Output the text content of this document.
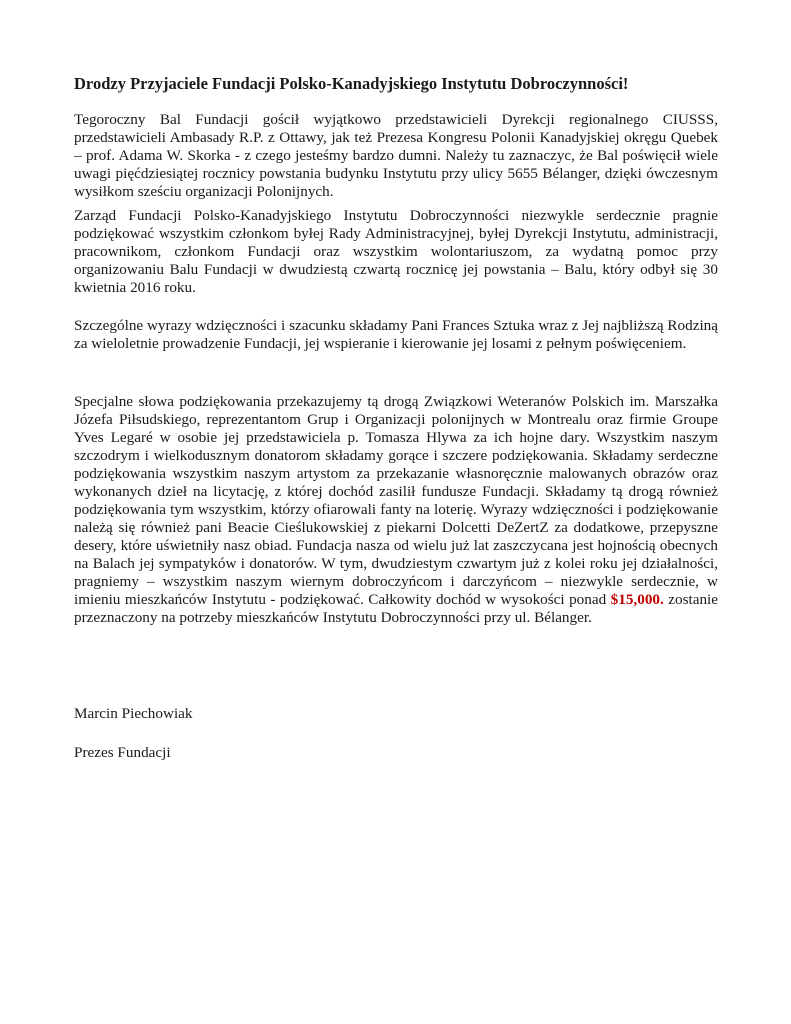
Drodzy Przyjaciele Fundacji Polsko-Kanadyjskiego Instytutu Dobroczynności!

Tegoroczny Bal Fundacji gościł wyjątkowo przedstawicieli Dyrekcji regionalnego CIUSSS, przedstawicieli Ambasady R.P. z Ottawy, jak też Prezesa Kongresu Polonii Kanadyjskiej okręgu Quebek – prof. Adama W. Skorka - z czego jesteśmy bardzo dumni. Należy tu zaznaczyc, że Bal poświęcił wiele uwagi pięćdziesiątej rocznicy powstania budynku Instytutu przy ulicy 5655 Bélanger, dzięki ówczesnym wysiłkom sześciu organizacji Polonijnych.

Zarząd Fundacji Polsko-Kanadyjskiego Instytutu Dobroczynności niezwykle serdecznie pragnie podziękować wszystkim członkom byłej Rady Administracyjnej, byłej Dyrekcji Instytutu, administracji, pracownikom, członkom Fundacji oraz wszystkim wolontariuszom, za wydatną pomoc przy organizowaniu Balu Fundacji w dwudziestą czwartą rocznicę jej powstania – Balu, który odbył się 30 kwietnia 2016 roku.

Szczególne wyrazy wdzięczności i szacunku składamy Pani Frances Sztuka wraz z Jej najbliższą Rodziną za wieloletnie prowadzenie Fundacji, jej wspieranie i kierowanie jej losami z pełnym poświęceniem.

Specjalne słowa podziękowania przekazujemy tą drogą Związkowi Weteranów Polskich im. Marszałka Józefa Piłsudskiego, reprezentantom Grup i Organizacji polonijnych w Montrealu oraz firmie Groupe Yves Legaré w osobie jej przedstawiciela p. Tomasza Hlywa za ich hojne dary. Wszystkim naszym szczodrym i wielkodusznym donatorom składamy gorące i szczere podziękowania. Składamy serdeczne podziękowania wszystkim naszym artystom za przekazanie własnoręcznie malowanych obrazów oraz wykonanych dzieł na licytację, z której dochód zasilił fundusze Fundacji. Składamy tą drogą również podziękowania tym wszystkim, którzy ofiarowali fanty na loterię. Wyrazy wdzięczności i podziękowanie należą się również pani Beacie Cieślukowskiej z piekarni Dolcetti DeZertZ za dodatkowe, przepyszne desery, które uświetniły nasz obiad. Fundacja nasza od wielu już lat zaszczycana jest hojnością obecnych na Balach jej sympatyków i donatorów. W tym, dwudziestym czwartym już z kolei roku jej działalności, pragniemy – wszystkim naszym wiernym dobroczyńcom i darczyńcom – niezwykle serdecznie, w imieniu mieszkańców Instytutu - podziękować. Całkowity dochód w wysokości ponad $15,000. zostanie przeznaczony na potrzeby mieszkańców Instytutu Dobroczynności przy ul. Bélanger.

Marcin Piechowiak

Prezes Fundacji
